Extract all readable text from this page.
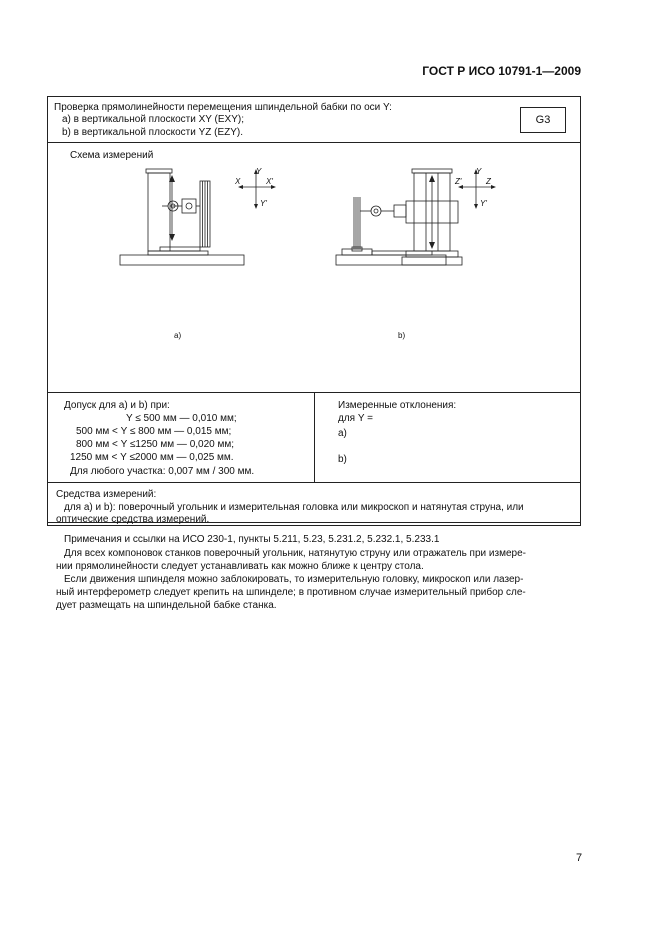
ГОСТ Р ИСО 10791-1—2009
Проверка прямолинейности перемещения шпиндельной бабки по оси Y:
a) в вертикальной плоскости XY (EXY);
b) в вертикальной плоскости YZ (EZY).
G3
Схема измерений
Y
X	X'
Y'
Y
Z'	Z
Y'
а)	b)
Допуск для а) и b) при:
Y ≤ 500 мм — 0,010 мм;
500 мм < Y ≤ 800 мм — 0,015 мм;
800 мм < Y ≤1250 мм — 0,020 мм;
1250 мм < Y ≤2000 мм — 0,025 мм.
Для любого участка: 0,007 мм / 300 мм.
Измеренные отклонения:
для Y =
а)
b)
Средства измерений:
для а) и b): поверочный угольник и измерительная головка или микроскоп и натянутая струна, или
оптические средства измерений.
Примечания и ссылки на ИСО 230-1, пункты 5.211, 5.23, 5.231.2, 5.232.1, 5.233.1
Для всех компоновок станков поверочный угольник, натянутую струну или отражатель при измере-
нии прямолинейности следует устанавливать как можно ближе к центру стола.
Если движения шпинделя можно заблокировать, то измерительную головку, микроскоп или лазер-
ный интерферометр следует крепить на шпинделе; в противном случае измерительный прибор сле-
дует размещать на шпиндельной бабке станка.
7
